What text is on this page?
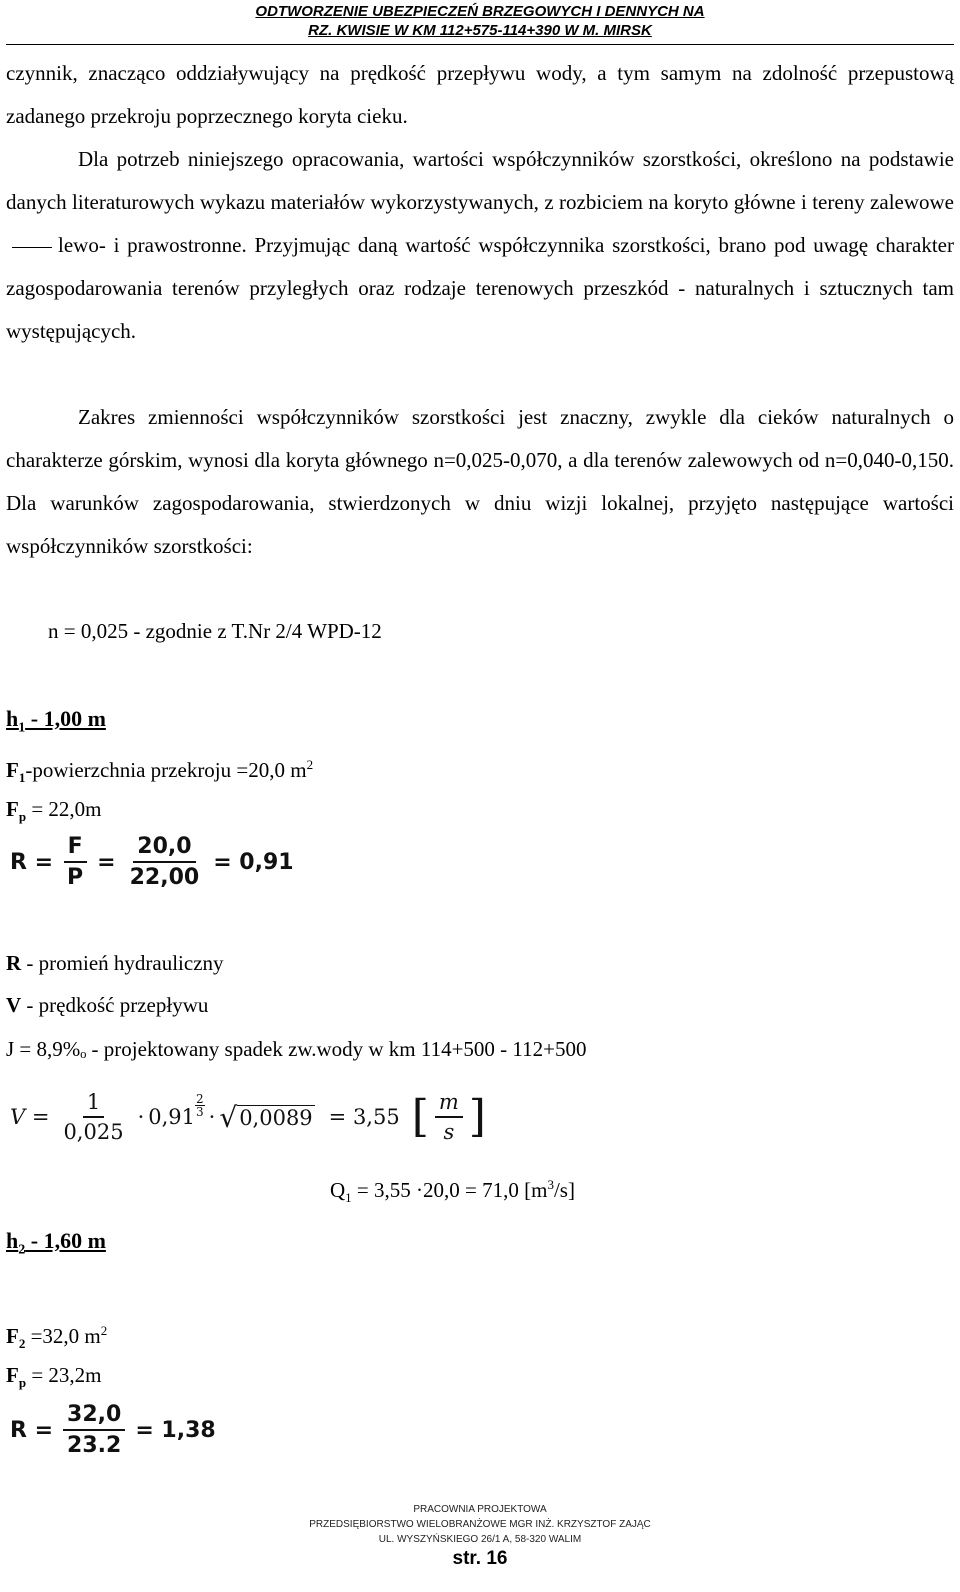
ODTWORZENIE UBEZPIECZEŃ BRZEGOWYCH I DENNYCH NA
RZ. KWISIE W KM 112+575-114+390 W M. MIRSK
czynnik, znacząco oddziaływujący na prędkość przepływu wody, a tym samym na zdolność przepustową zadanego przekroju poprzecznego koryta cieku.
Dla potrzeb niniejszego opracowania, wartości współczynników szorstkości, określono na podstawie danych literaturowych wykazu materiałów wykorzystywanych, z rozbiciem na koryto główne i tereny zalewowelewo- i prawostronne. Przyjmując daną wartość współczynnika szorstkości, brano pod uwagę charakter zagospodarowania terenów przyległych oraz rodzaje terenowych przeszkód - naturalnych i sztucznych tam występujących.
Zakres zmienności współczynników szorstkości jest znaczny, zwykle dla cieków naturalnych o charakterze górskim, wynosi dla koryta głównego n=0,025-0,070, a dla terenów zalewowych od n=0,040-0,150. Dla warunków zagospodarowania, stwierdzonych w dniu wizji lokalnej, przyjęto następujące wartości współczynników szorstkości:
n = 0,025 - zgodnie z T.Nr 2/4 WPD-12
$h_1 - 1,00$ m
$F_1$-powierzchnia przekroju =20,0 $m^2$
$F_p = 22,0m$
$R = \frac{F}{P} = \frac{20,0}{22,00} = 0,91$
R - promień hydrauliczny
V - prędkość przepływu
J = 8,9%ₒ - projektowany spadek zw.wody w km 114+500 - 112+500
$V = \frac{1}{0,025} \cdot 0,91 \frac{2}{3}$ · √ 0,0089 = 3,55 [ $\frac{m}{s}$ ]
$Q_1 = 3,55 \cdot 20,0 = 71,0$ $[m^3/s]$
$h_2 - 1,60$ m
$F_2 =32,0$ $m^2$
$F_p = 23,2m$
$R = \frac{32,0}{23.2} = 1,38$
PRACOWNIA PROJEKTOWA
PRZEDSIĘBIORSTWO WIELOBRANŻOWE MGR INŻ. KRZYSZTOF ZAJĄC
UL. WYSZYŃSKIEGO 26/1 A, 58-320 WALIM
str. 16
